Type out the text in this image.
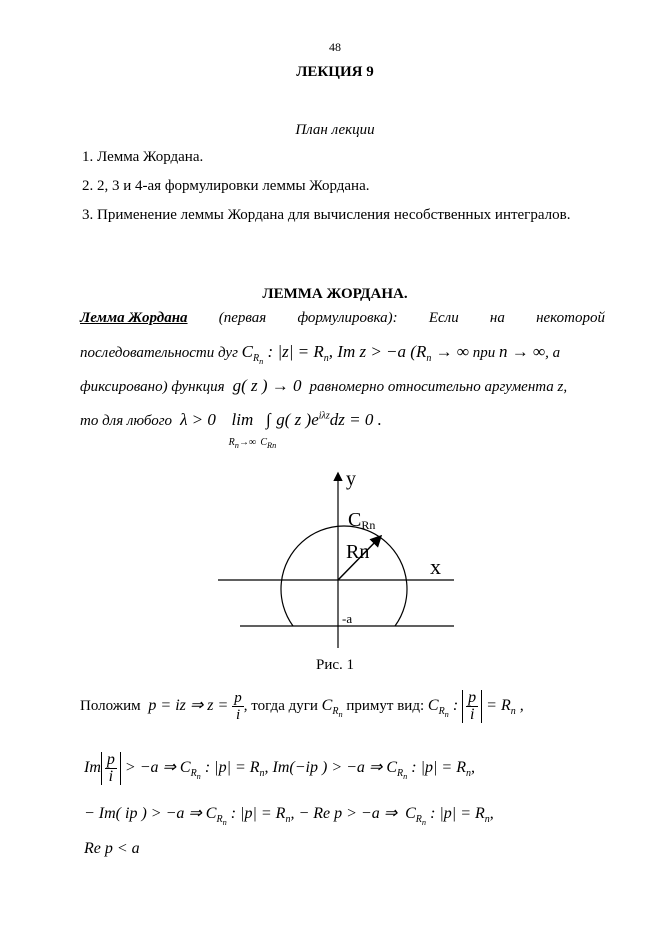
48
ЛЕКЦИЯ 9
План лекции
1. Лемма Жордана.
2. 2, 3 и 4-ая формулировки леммы Жордана.
3. Применение леммы Жордана для вычисления несобственных интегралов.
ЛЕММА ЖОРДАНА.
Лемма Жордана (первая формулировка): Если на некоторой
последовательности дуг $C_{R_n}$ : $|z| = R_n$, Im z > −a ($R_n$ → ∞ при n → ∞, а
фиксировано) функция  g( z ) → 0  равномерно относительно аргумента z,
то для любого  λ > 0   lim
$R_n\to\infty$ ∫
$C_{Rn}g$( z )$e^{i\lambda z}dz = 0$ .
y
x
CRn
Rn
-a
Рис. 1
Положим  p = iz ⇒ $z = \frac{p}{i}$ , тогда дуги $C_{R_n}$ примут вид: $C_{R_n}$ : $\frac{p}{i} = R_n$ ,
Im $\frac{p}{i} > -a$ ⇒ $C_{R_n}$ : $|p| = R_n$, Im(−ip ) > −a ⇒ $C_{R_n}$ : $|p| = R_n$,
− Im( ip ) > −a ⇒ $C_{R_n}$ : $|p| = R_n$, − Re p > −a ⇒  $C_{R_n}$ : $|p| = R_n$,
Re p < a
